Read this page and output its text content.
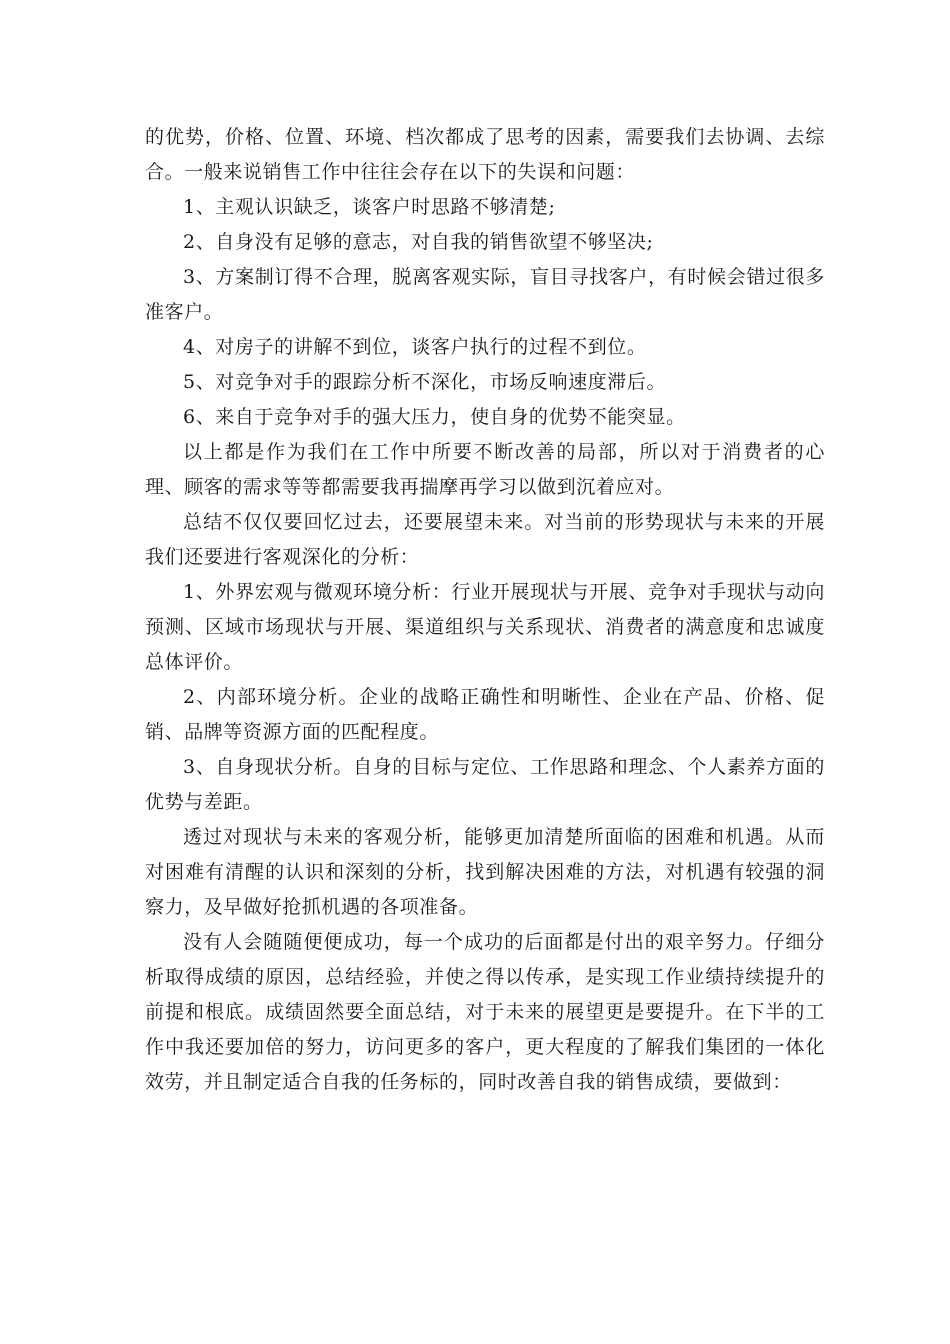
的优势，价格、位置、环境、档次都成了思考的因素，需要我们去协调、去综合。一般来说销售工作中往往会存在以下的失误和问题：

1、主观认识缺乏，谈客户时思路不够清楚;

2、自身没有足够的意志，对自我的销售欲望不够坚决;

3、方案制订得不合理，脱离客观实际，盲目寻找客户，有时候会错过很多准客户。

4、对房子的讲解不到位，谈客户执行的过程不到位。

5、对竞争对手的跟踪分析不深化，市场反响速度滞后。

6、来自于竞争对手的强大压力，使自身的优势不能突显。

以上都是作为我们在工作中所要不断改善的局部，所以对于消费者的心理、顾客的需求等等都需要我再揣摩再学习以做到沉着应对。

总结不仅仅要回忆过去，还要展望未来。对当前的形势现状与未来的开展我们还要进行客观深化的分析：

1、外界宏观与微观环境分析：行业开展现状与开展、竞争对手现状与动向预测、区域市场现状与开展、渠道组织与关系现状、消费者的满意度和忠诚度总体评价。

2、内部环境分析。企业的战略正确性和明晰性、企业在产品、价格、促销、品牌等资源方面的匹配程度。

3、自身现状分析。自身的目标与定位、工作思路和理念、个人素养方面的优势与差距。

透过对现状与未来的客观分析，能够更加清楚所面临的困难和机遇。从而对困难有清醒的认识和深刻的分析，找到解决困难的方法，对机遇有较强的洞察力，及早做好抢抓机遇的各项准备。

没有人会随随便便成功，每一个成功的后面都是付出的艰辛努力。仔细分析取得成绩的原因，总结经验，并使之得以传承，是实现工作业绩持续提升的前提和根底。成绩固然要全面总结，对于未来的展望更是要提升。在下半的工作中我还要加倍的努力，访问更多的客户，更大程度的了解我们集团的一体化效劳，并且制定适合自我的任务标的，同时改善自我的销售成绩，要做到：
